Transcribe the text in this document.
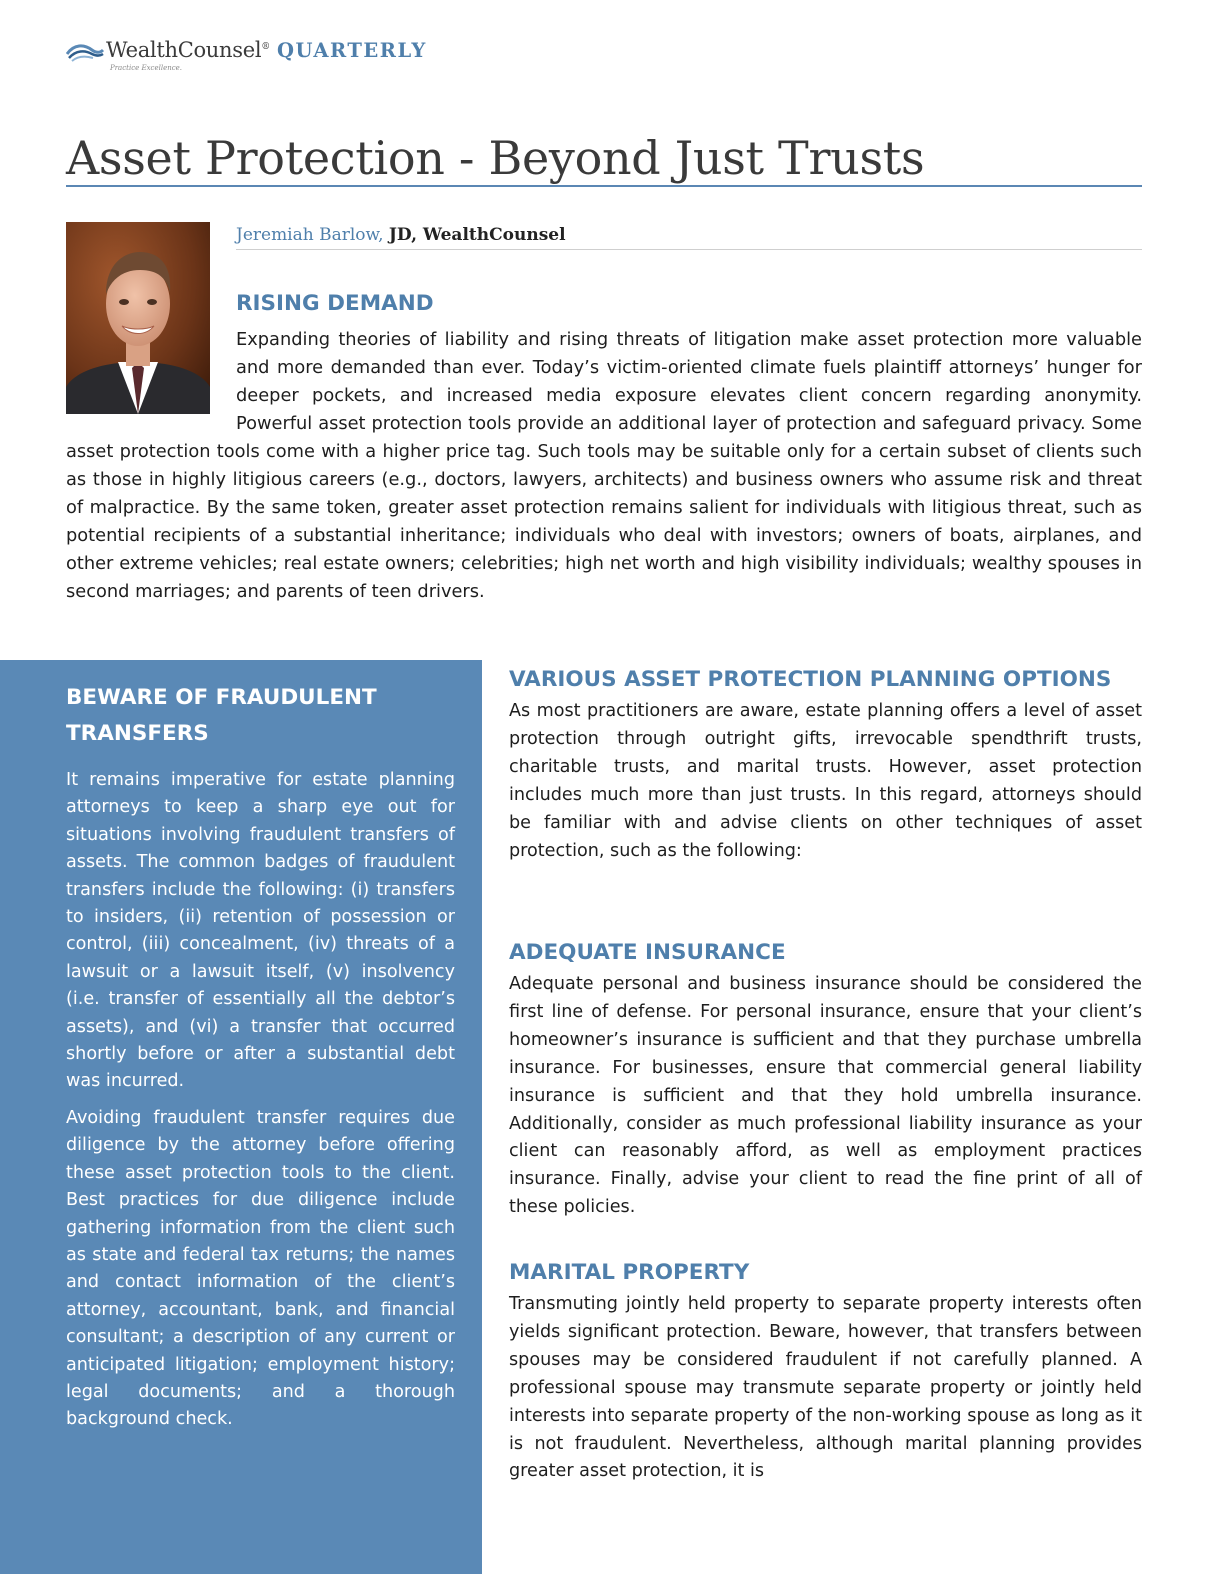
WealthCounsel®
Practice Excellence.
QUARTERLY
Asset Protection - Beyond Just Trusts
Jeremiah Barlow, JD, WealthCounsel
RISING DEMAND

Expanding theories of liability and rising threats of litigation make asset protection more valuable and more demanded than ever. Today’s victim-oriented climate fuels plaintiff attorneys’ hunger for deeper pockets, and increased media exposure elevates client concern regarding anonymity. Powerful asset protection tools provide an additional layer of protection and safeguard privacy. Some asset protection tools come with a higher price tag. Such tools may be suitable only for a certain subset of clients such as those in highly litigious careers (e.g., doctors, lawyers, architects) and business owners who assume risk and threat of malpractice. By the same token, greater asset protection remains salient for individuals with litigious threat, such as potential recipients of a substantial inheritance; individuals who deal with investors; owners of boats, airplanes, and other extreme vehicles; real estate owners; celebrities; high net worth and high visibility individuals; wealthy spouses in second marriages; and parents of teen drivers.

BEWARE OF FRAUDULENT TRANSFERS

It remains imperative for estate planning attorneys to keep a sharp eye out for situations involving fraudulent transfers of assets. The common badges of fraudulent transfers include the following: (i) transfers to insiders, (ii) retention of possession or control, (iii) concealment, (iv) threats of a lawsuit or a lawsuit itself, (v) insolvency (i.e. transfer of essentially all the debtor’s assets), and (vi) a transfer that occurred shortly before or after a substantial debt was incurred.

Avoiding fraudulent transfer requires due diligence by the attorney before offering these asset protection tools to the client. Best practices for due diligence include gathering information from the client such as state and federal tax returns; the names and contact information of the client’s attorney, accountant, bank, and financial consultant; a description of any current or anticipated litigation; employment history; legal documents; and a thorough background check.

VARIOUS ASSET PROTECTION PLANNING OPTIONS

As most practitioners are aware, estate planning offers a level of asset protection through outright gifts, irrevocable spendthrift trusts, charitable trusts, and marital trusts. However, asset protection includes much more than just trusts. In this regard, attorneys should be familiar with and advise clients on other techniques of asset protection, such as the following:

ADEQUATE INSURANCE

Adequate personal and business insurance should be considered the first line of defense. For personal insurance, ensure that your client’s homeowner’s insurance is sufficient and that they purchase umbrella insurance. For businesses, ensure that commercial general liability insurance is sufficient and that they hold umbrella insurance. Additionally, consider as much professional liability insurance as your client can reasonably afford, as well as employment practices insurance. Finally, advise your client to read the fine print of all of these policies.

MARITAL PROPERTY

Transmuting jointly held property to separate property interests often yields significant protection. Beware, however, that transfers between spouses may be considered fraudulent if not carefully planned. A professional spouse may transmute separate property or jointly held interests into separate property of the non-working spouse as long as it is not fraudulent. Nevertheless, although marital planning provides greater asset protection, it is
